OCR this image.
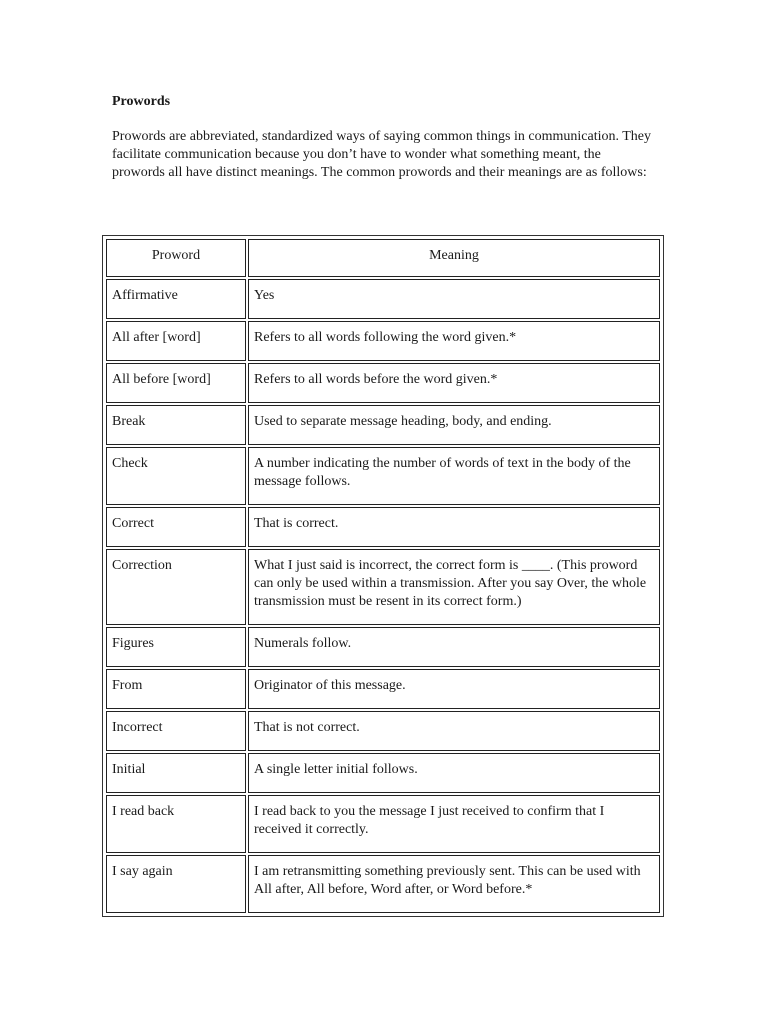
Prowords

Prowords are abbreviated, standardized ways of saying common things in communication. They facilitate communication because you don’t have to wonder what something meant, the prowords all have distinct meanings. The common prowords and their meanings are as follows:

Proword	Meaning
Affirmative	Yes
All after [word]	Refers to all words following the word given.*
All before [word]	Refers to all words before the word given.*
Break	Used to separate message heading, body, and ending.
Check	A number indicating the number of words of text in the body of the message follows.
Correct	That is correct.
Correction	What I just said is incorrect, the correct form is ____. (This proword can only be used within a transmission. After you say Over, the whole transmission must be resent in its correct form.)
Figures	Numerals follow.
From	Originator of this message.
Incorrect	That is not correct.
Initial	A single letter initial follows.
I read back	I read back to you the message I just received to confirm that I received it correctly.
I say again	I am retransmitting something previously sent. This can be used with All after, All before, Word after, or Word before.*
